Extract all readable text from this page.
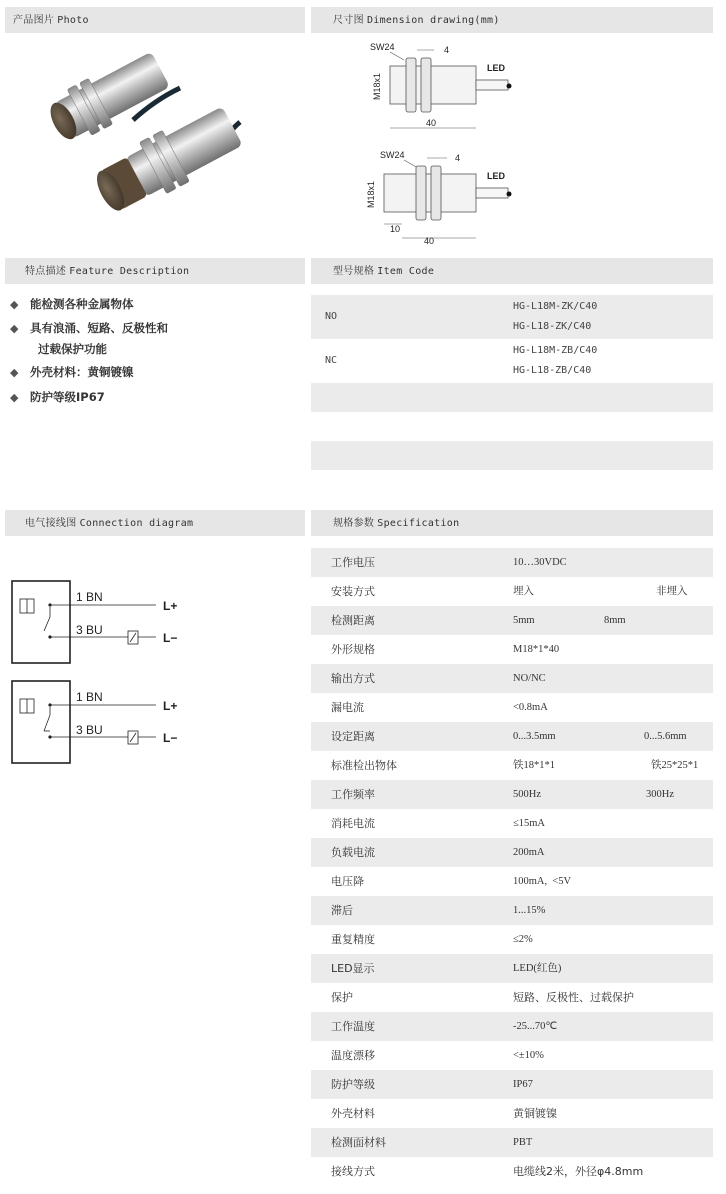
产品图片 Photo	尺寸图 Dimension drawing(mm)
SW24	4
LED
M18x1
40
SW24	4
LED
M18x1
10
40
特点描述 Feature Description	型号规格 Item Code
◆ 能检测各种金属物体
◆ 具有浪涌、短路、反极性和
过载保护功能
◆ 外壳材料：黄铜镀镍
◆ 防护等级IP67
NO
HG-L18M-ZK/C40
HG-L18-ZK/C40
NC
HG-L18M-ZB/C40
HG-L18-ZB/C40
电气接线图 Connection diagram	规格参数 Specification
1 BN
3 BU
L+
L−
1 BN
3 BU
L+
L−
工作电压	10…30VDC
安装方式	埋入	非埋入
检测距离	5mm	8mm
外形规格	M18*1*40
输出方式	NO/NC
漏电流	<0.8mA
设定距离	0...3.5mm	0...5.6mm
标准检出物体	铁18*1*1	铁25*25*1
工作频率	500Hz	300Hz
消耗电流	≤15mA
负载电流	200mA
电压降	100mA,  <5V
滞后	1...15%
重复精度	≤2%
LED显示	LED(红色)
保护	短路、反极性、过载保护
工作温度	-25...70℃
温度漂移	<±10%
防护等级	IP67
外壳材料	黄铜镀镍
检测面材料	PBT
接线方式	电缆线2米，外径φ4.8mm
